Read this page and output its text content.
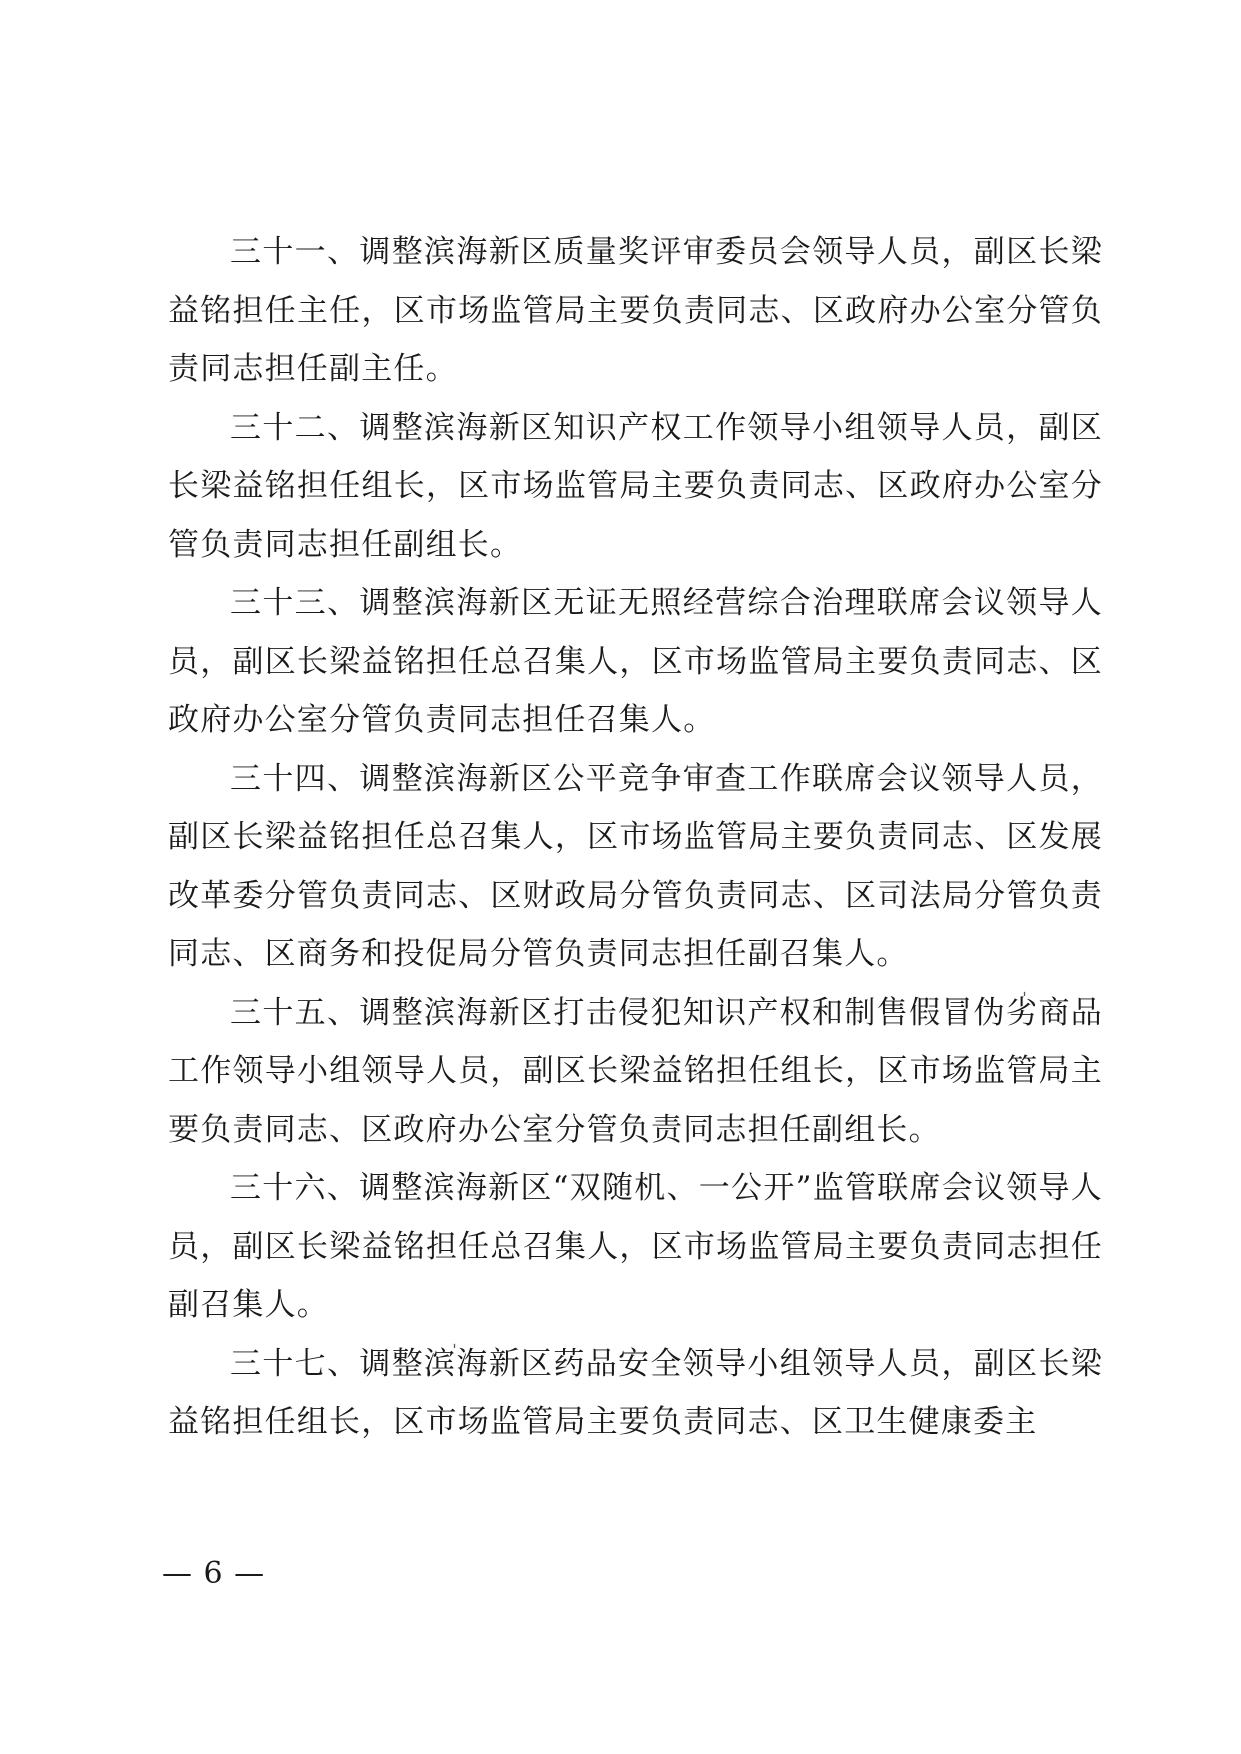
三十一、调整滨海新区质量奖评审委员会领导人员，副区长梁益铭担任主任，区市场监管局主要负责同志、区政府办公室分管负责同志担任副主任。

三十二、调整滨海新区知识产权工作领导小组领导人员，副区长梁益铭担任组长，区市场监管局主要负责同志、区政府办公室分管负责同志担任副组长。

三十三、调整滨海新区无证无照经营综合治理联席会议领导人员，副区长梁益铭担任总召集人，区市场监管局主要负责同志、区政府办公室分管负责同志担任召集人。

三十四、调整滨海新区公平竞争审查工作联席会议领导人员，副区长梁益铭担任总召集人，区市场监管局主要负责同志、区发展改革委分管负责同志、区财政局分管负责同志、区司法局分管负责同志、区商务和投促局分管负责同志担任副召集人。

三十五、调整滨海新区打击侵犯知识产权和制售假冒伪劣商品工作领导小组领导人员，副区长梁益铭担任组长，区市场监管局主要负责同志、区政府办公室分管负责同志担任副组长。

三十六、调整滨海新区“双随机、一公开”监管联席会议领导人员，副区长梁益铭担任总召集人，区市场监管局主要负责同志担任副召集人。

三十七、调整滨海新区药品安全领导小组领导人员，副区长梁益铭担任组长，区市场监管局主要负责同志、区卫生健康委主

ˌ
ˌ
— 6 —
